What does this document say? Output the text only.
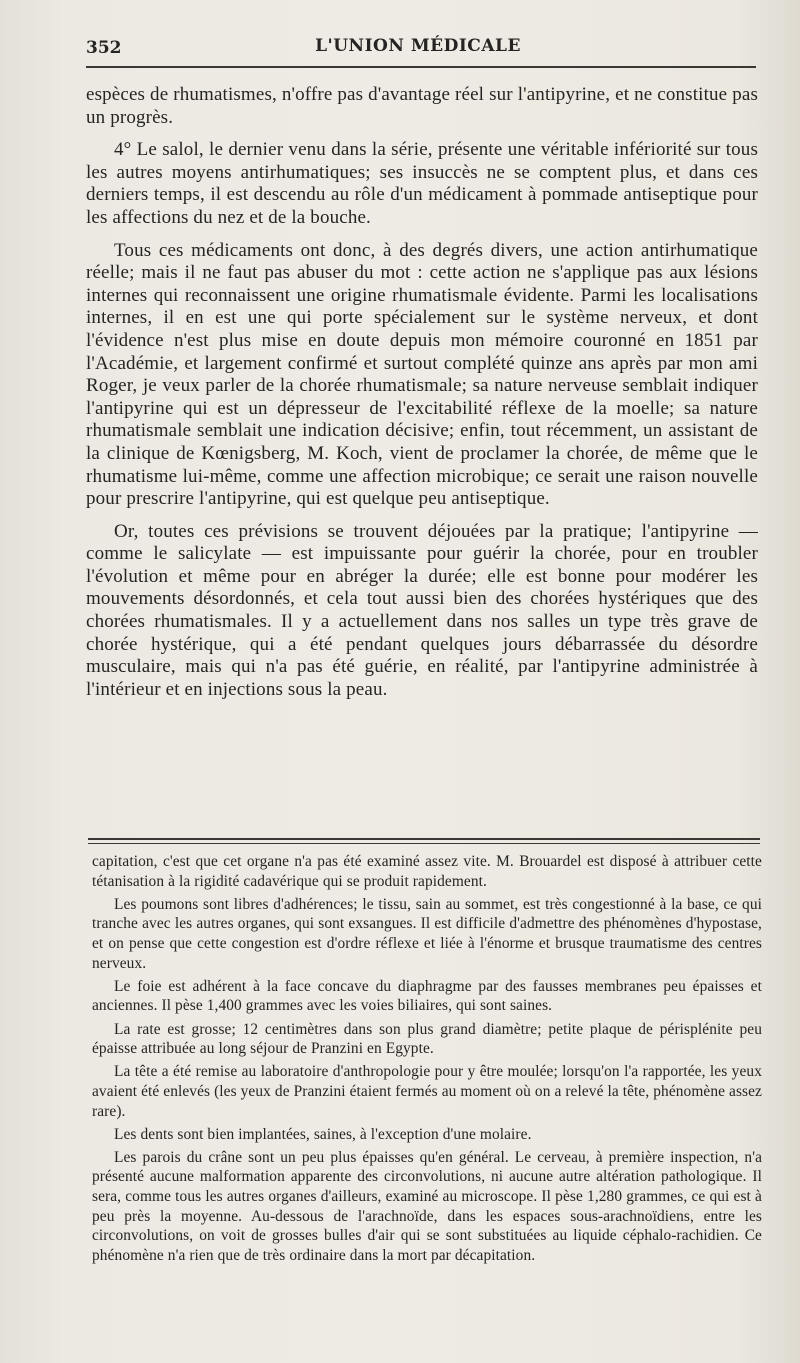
352	L'UNION MÉDICALE

espèces de rhumatismes, n'offre pas d'avantage réel sur l'antipyrine, et ne constitue pas un progrès.

4° Le salol, le dernier venu dans la série, présente une véritable infériorité sur tous les autres moyens antirhumatiques; ses insuccès ne se comptent plus, et dans ces derniers temps, il est descendu au rôle d'un médicament à pommade antiseptique pour les affections du nez et de la bouche.

Tous ces médicaments ont donc, à des degrés divers, une action antirhumatique réelle; mais il ne faut pas abuser du mot : cette action ne s'applique pas aux lésions internes qui reconnaissent une origine rhumatismale évidente. Parmi les localisations internes, il en est une qui porte spécialement sur le système nerveux, et dont l'évidence n'est plus mise en doute depuis mon mémoire couronné en 1851 par l'Académie, et largement confirmé et surtout complété quinze ans après par mon ami Roger, je veux parler de la chorée rhumatismale; sa nature nerveuse semblait indiquer l'antipyrine qui est un dépresseur de l'excitabilité réflexe de la moelle; sa nature rhumatismale semblait une indication décisive; enfin, tout récemment, un assistant de la clinique de Kœnigsberg, M. Koch, vient de proclamer la chorée, de même que le rhumatisme lui-même, comme une affection microbique; ce serait une raison nouvelle pour prescrire l'antipyrine, qui est quelque peu antiseptique.

Or, toutes ces prévisions se trouvent déjouées par la pratique; l'antipyrine — comme le salicylate — est impuissante pour guérir la chorée, pour en troubler l'évolution et même pour en abréger la durée; elle est bonne pour modérer les mouvements désordonnés, et cela tout aussi bien des chorées hystériques que des chorées rhumatismales. Il y a actuellement dans nos salles un type très grave de chorée hystérique, qui a été pendant quelques jours débarrassée du désordre musculaire, mais qui n'a pas été guérie, en réalité, par l'antipyrine administrée à l'intérieur et en injections sous la peau.

capitation, c'est que cet organe n'a pas été examiné assez vite. M. Brouardel est disposé à attribuer cette tétanisation à la rigidité cadavérique qui se produit rapidement.

Les poumons sont libres d'adhérences; le tissu, sain au sommet, est très congestionné à la base, ce qui tranche avec les autres organes, qui sont exsangues. Il est difficile d'admettre des phénomènes d'hypostase, et on pense que cette congestion est d'ordre réflexe et liée à l'énorme et brusque traumatisme des centres nerveux.

Le foie est adhérent à la face concave du diaphragme par des fausses membranes peu épaisses et anciennes. Il pèse 1,400 grammes avec les voies biliaires, qui sont saines.

La rate est grosse; 12 centimètres dans son plus grand diamètre; petite plaque de périsplénite peu épaisse attribuée au long séjour de Pranzini en Egypte.

La tête a été remise au laboratoire d'anthropologie pour y être moulée; lorsqu'on l'a rapportée, les yeux avaient été enlevés (les yeux de Pranzini étaient fermés au moment où on a relevé la tête, phénomène assez rare).

Les dents sont bien implantées, saines, à l'exception d'une molaire.

Les parois du crâne sont un peu plus épaisses qu'en général. Le cerveau, à première inspection, n'a présenté aucune malformation apparente des circonvolutions, ni aucune autre altération pathologique. Il sera, comme tous les autres organes d'ailleurs, examiné au microscope. Il pèse 1,280 grammes, ce qui est à peu près la moyenne. Au-dessous de l'arachnoïde, dans les espaces sous-arachnoïdiens, entre les circonvolutions, on voit de grosses bulles d'air qui se sont substituées au liquide céphalo-rachidien. Ce phénomène n'a rien que de très ordinaire dans la mort par décapitation.
